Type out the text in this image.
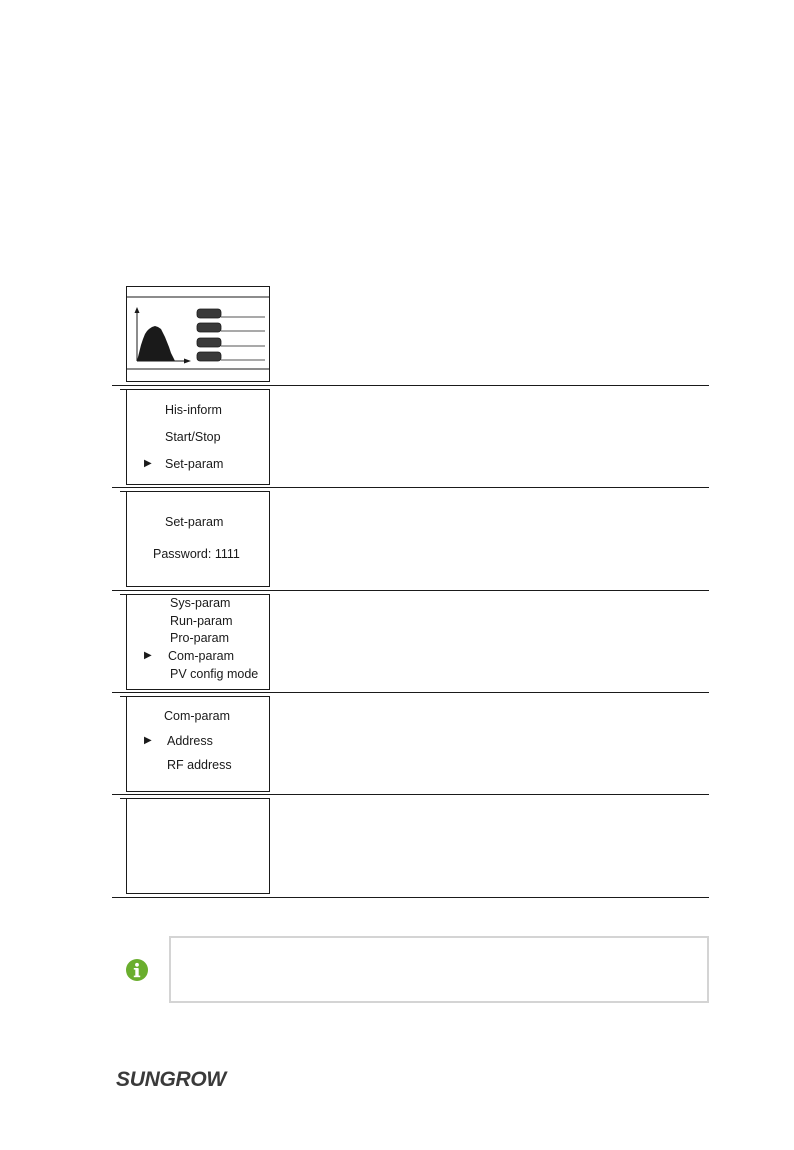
His-inform
Start/Stop
▶ Set-param
Set-param
Password: 1111
Sys-param
Run-param
Pro-param
▶ Com-param
PV config mode
Com-param
▶ Address
RF address
SUNGROW
